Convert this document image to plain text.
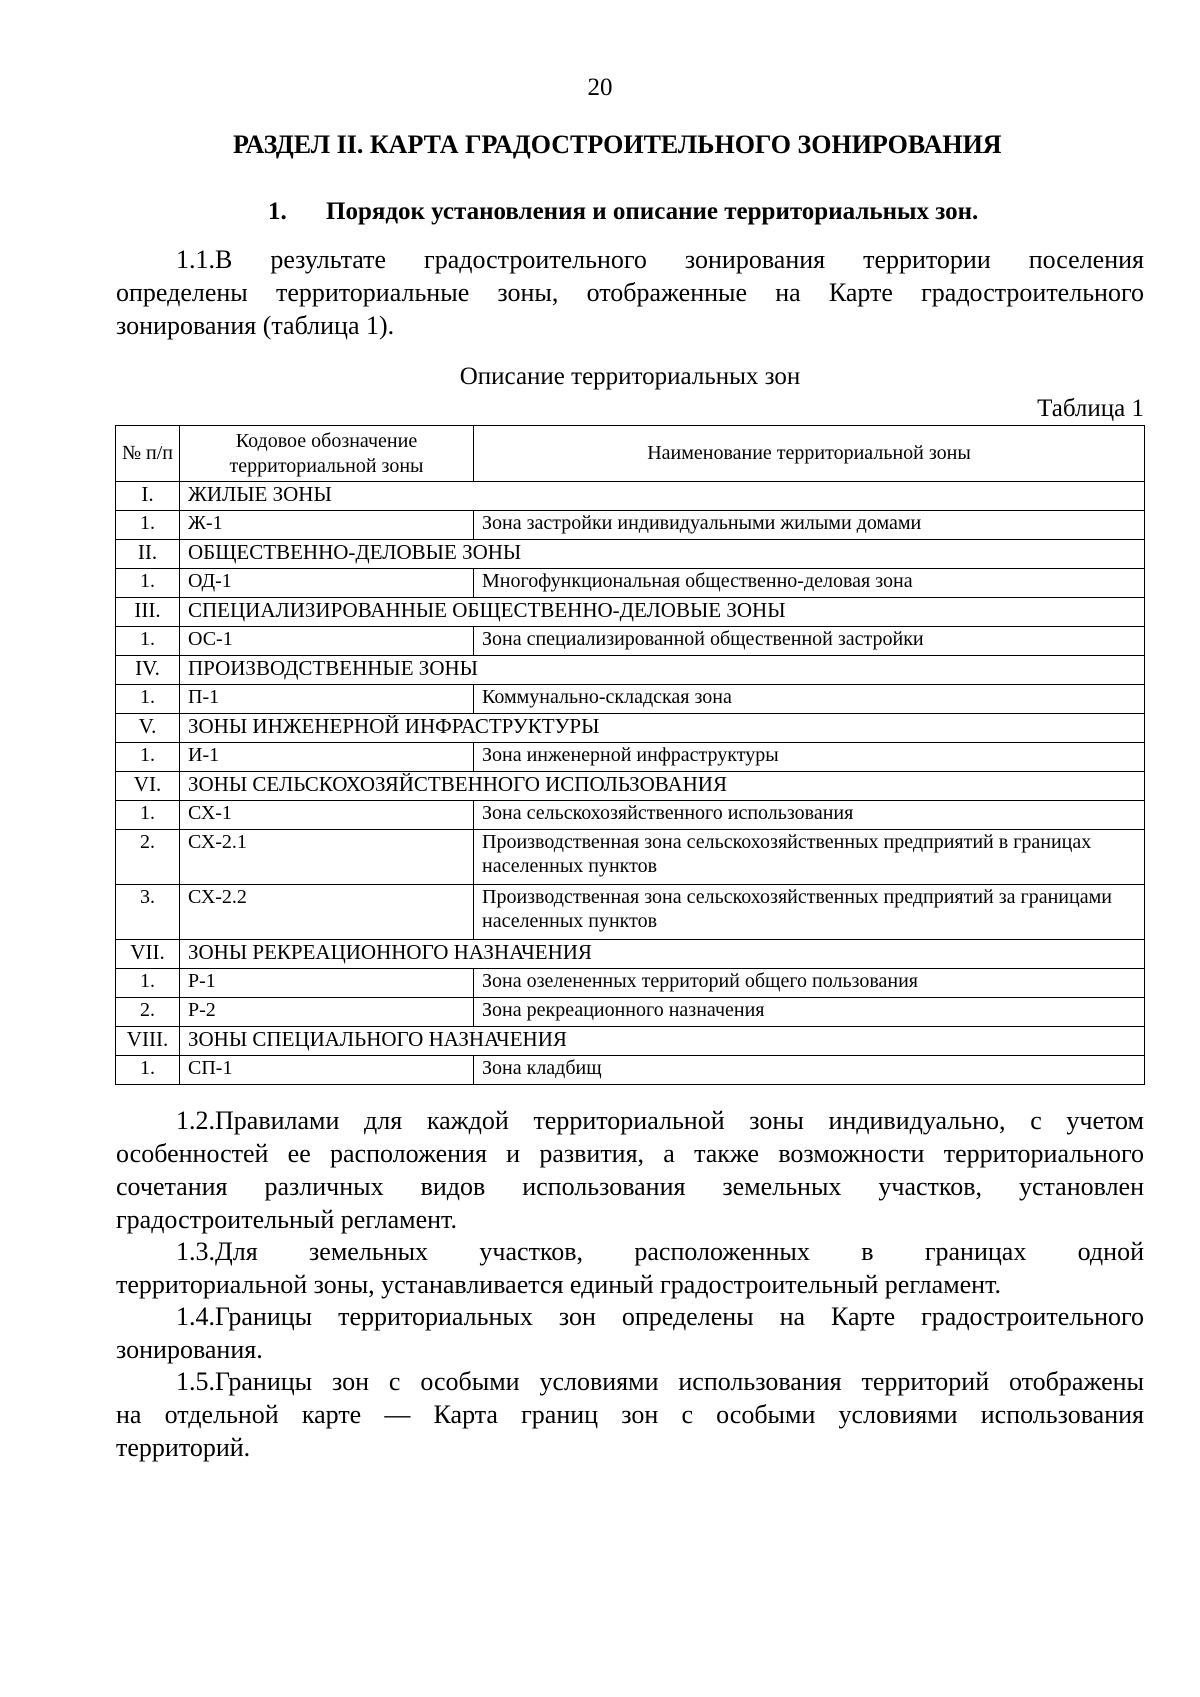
20
РАЗДЕЛ II. КАРТА ГРАДОСТРОИТЕЛЬНОГО ЗОНИРОВАНИЯ
1. Порядок установления и описание территориальных зон.
1.1.В результате градостроительного зонирования территории поселения
определены территориальные зоны, отображенные на Карте градостроительного
зонирования (таблица 1).
Описание территориальных зон
Таблица 1
№ п/п	Кодовое обозначение территориальной зоны	Наименование территориальной зоны
I.	ЖИЛЫЕ ЗОНЫ	
1.	Ж-1	Зона застройки индивидуальными жилыми домами
II.	ОБЩЕСТВЕННО-ДЕЛОВЫЕ ЗОНЫ	
1.	ОД-1	Многофункциональная общественно-деловая зона
III.	СПЕЦИАЛИЗИРОВАННЫЕ ОБЩЕСТВЕННО-ДЕЛОВЫЕ ЗОНЫ	
1.	ОС-1	Зона специализированной общественной застройки
IV.	ПРОИЗВОДСТВЕННЫЕ ЗОНЫ	
1.	П-1	Коммунально-складская зона
V.	ЗОНЫ ИНЖЕНЕРНОЙ ИНФРАСТРУКТУРЫ	
1.	И-1	Зона инженерной инфраструктуры
VI.	ЗОНЫ СЕЛЬСКОХОЗЯЙСТВЕННОГО ИСПОЛЬЗОВАНИЯ	
1.	СХ-1	Зона сельскохозяйственного использования
2.	СХ-2.1	Производственная зона сельскохозяйственных предприятий в границах населенных пунктов
3.	СХ-2.2	Производственная зона сельскохозяйственных предприятий за границами населенных пунктов
VII.	ЗОНЫ РЕКРЕАЦИОННОГО НАЗНАЧЕНИЯ	
1.	Р-1	Зона озелененных территорий общего пользования
2.	Р-2	Зона рекреационного назначения
VIII.	ЗОНЫ СПЕЦИАЛЬНОГО НАЗНАЧЕНИЯ	
1.	СП-1	Зона кладбищ
1.2.Правилами для каждой территориальной зоны индивидуально, с учетом
особенностей ее расположения и развития, а также возможности территориального
сочетания различных видов использования земельных участков, установлен
градостроительный регламент.
1.3.Для земельных участков, расположенных в границах одной
территориальной зоны, устанавливается единый градостроительный регламент.
1.4.Границы территориальных зон определены на Карте градостроительного
зонирования.
1.5.Границы зон с особыми условиями использования территорий отображены
на отдельной карте — Карта границ зон с особыми условиями использования
территорий.
